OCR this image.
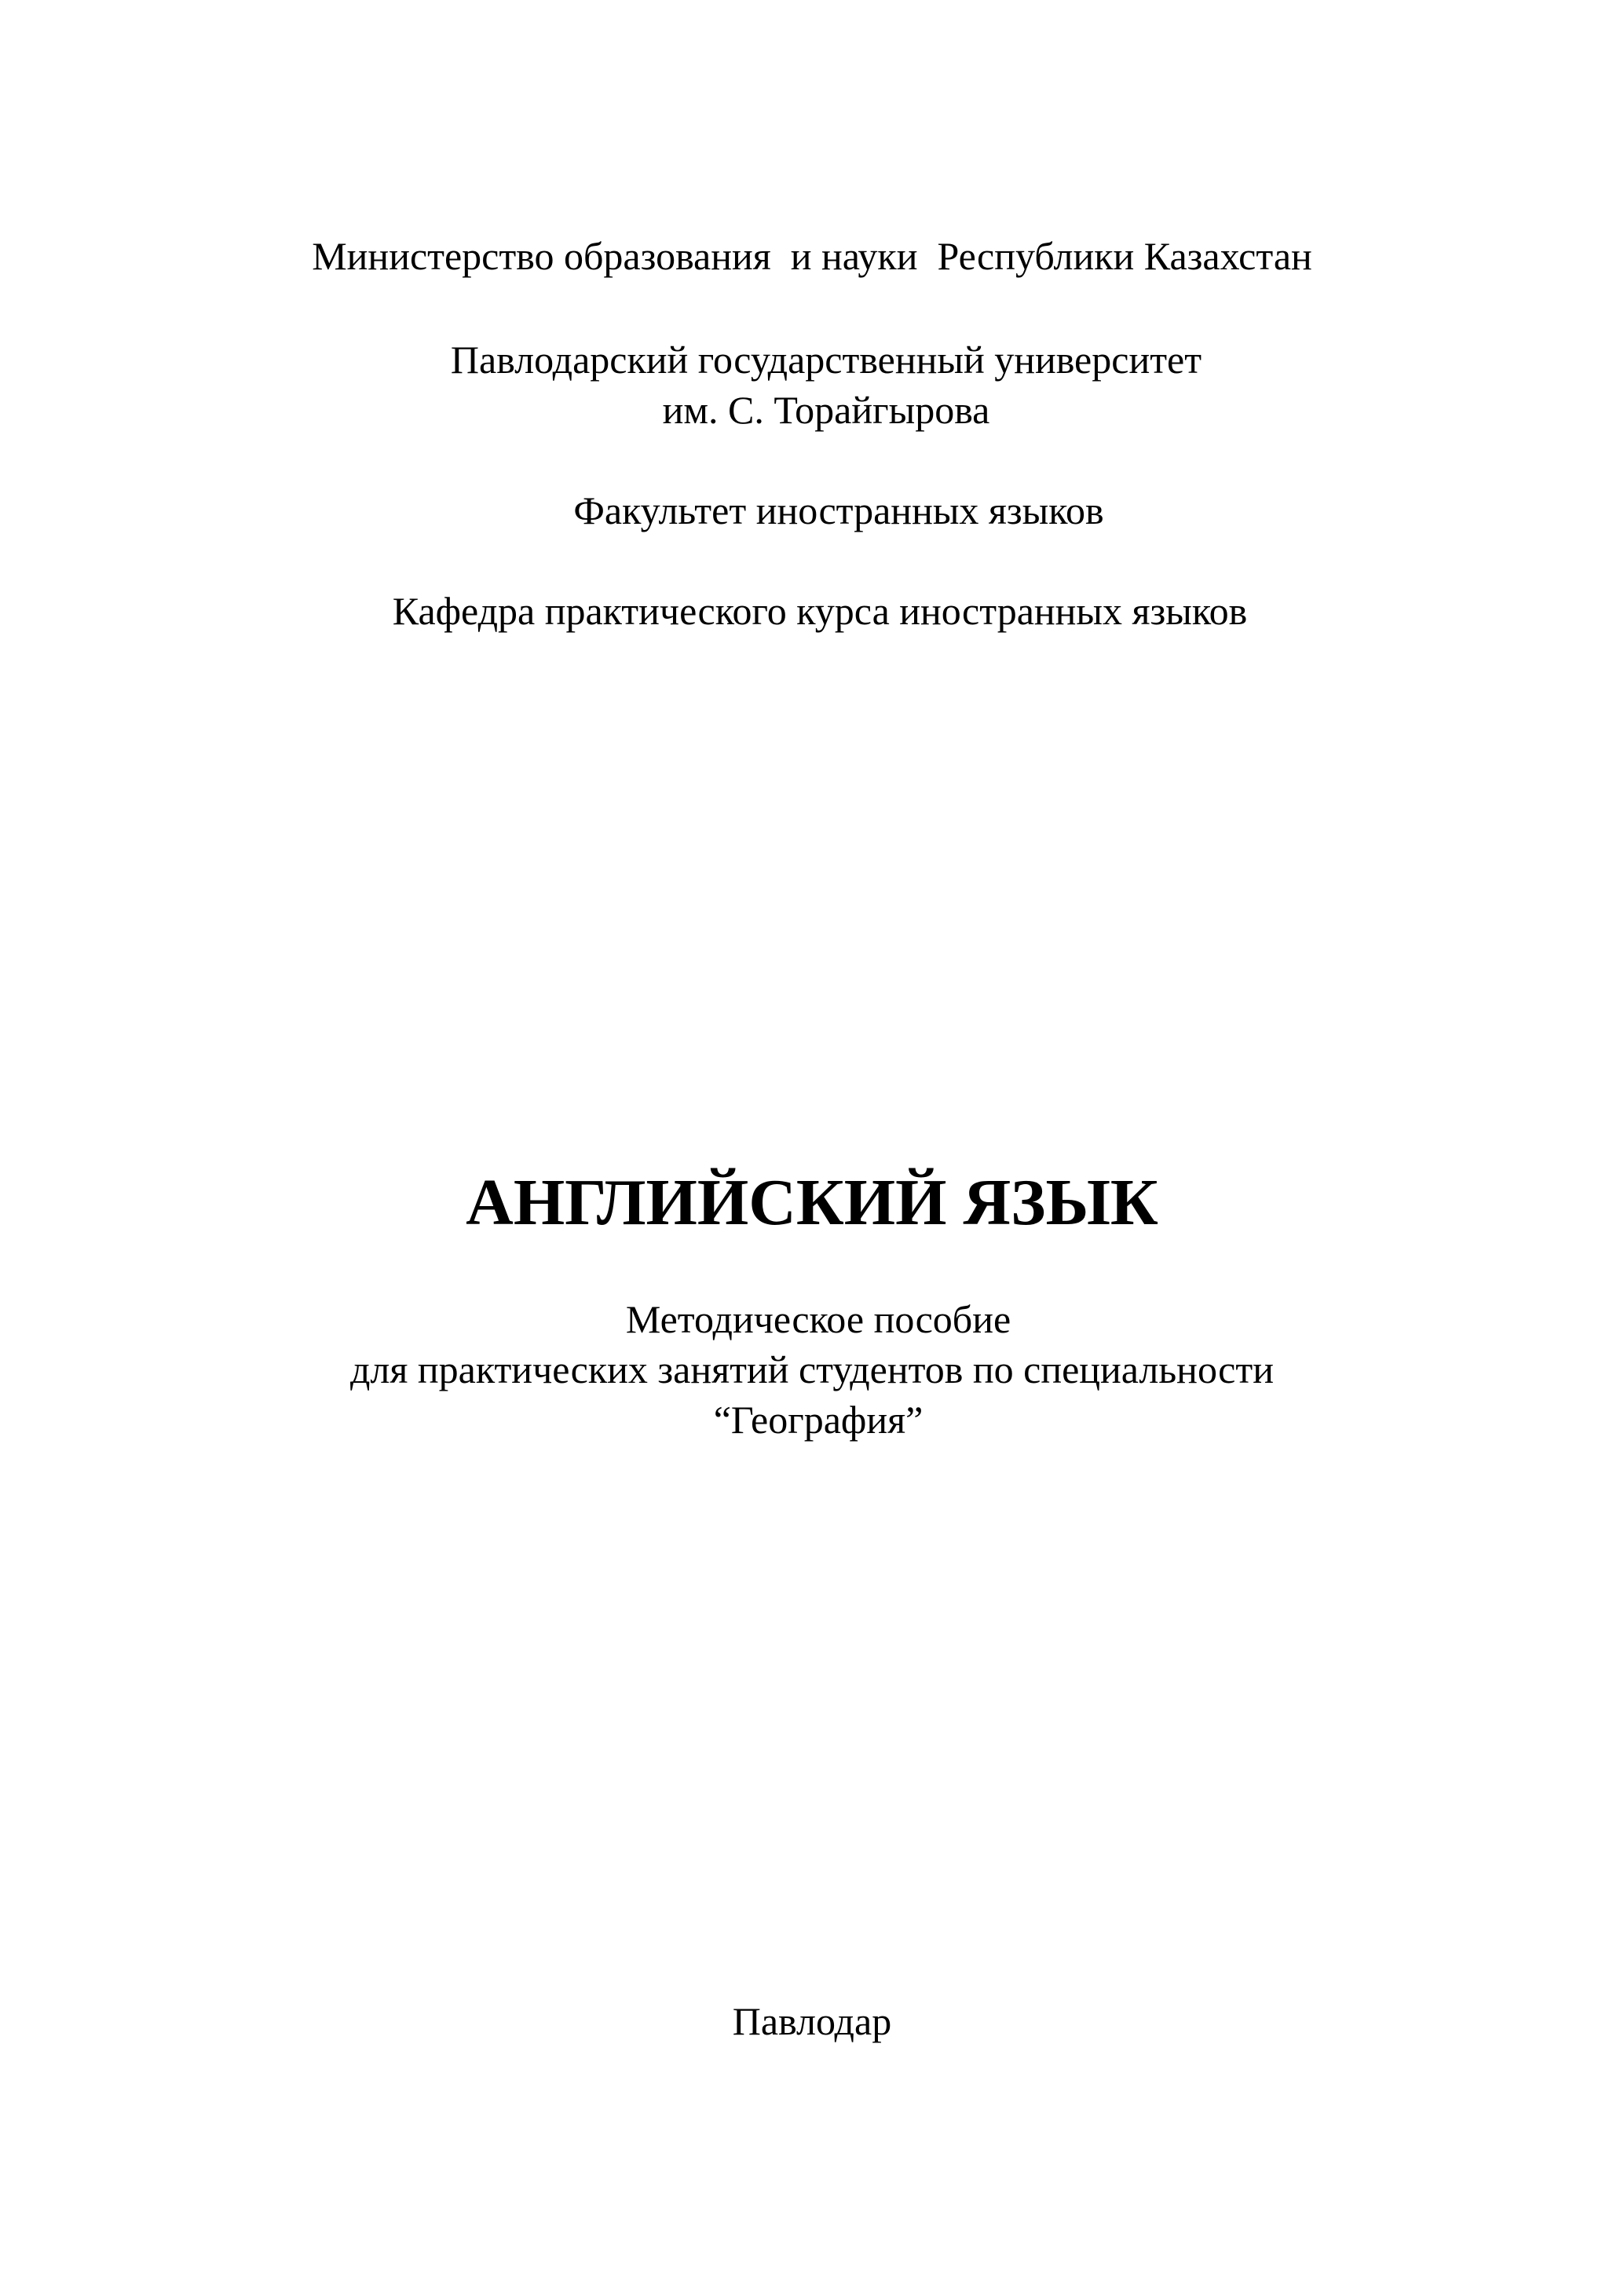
Министерство образования  и науки  Республики Казахстан
Павлодарский государственный университет
им. С. Торайгырова
Факультет иностранных языков
Кафедра практического курса иностранных языков
АНГЛИЙСКИЙ ЯЗЫК
Методическое пособие
для практических занятий студентов по специальности
“География”
Павлодар
